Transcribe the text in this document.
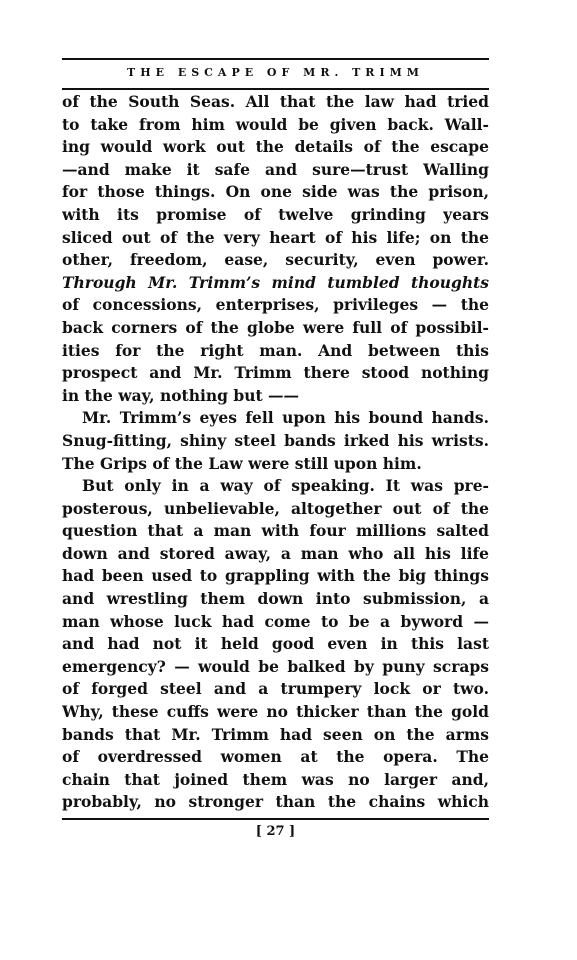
THE ESCAPE OF MR. TRIMM
of the South Seas. All that the law had tried
to take from him would be given back. Wall-
ing would work out the details of the escape
—and make it safe and sure—trust Walling
for those things. On one side was the prison,
with its promise of twelve grinding years
sliced out of the very heart of his life; on the
other, freedom, ease, security, even power.
Through Mr. Trimm’s mind tumbled thoughts
of concessions, enterprises, privileges — the
back corners of the globe were full of possibil-
ities for the right man. And between this
prospect and Mr. Trimm there stood nothing
in the way, nothing but ——
Mr. Trimm’s eyes fell upon his bound hands.
Snug-fitting, shiny steel bands irked his wrists.
The Grips of the Law were still upon him.
But only in a way of speaking. It was pre-
posterous, unbelievable, altogether out of the
question that a man with four millions salted
down and stored away, a man who all his life
had been used to grappling with the big things
and wrestling them down into submission, a
man whose luck had come to be a byword —
and had not it held good even in this last
emergency? — would be balked by puny scraps
of forged steel and a trumpery lock or two.
Why, these cuffs were no thicker than the gold
bands that Mr. Trimm had seen on the arms
of overdressed women at the opera. The
chain that joined them was no larger and,
probably, no stronger than the chains which
[ 27 ]
